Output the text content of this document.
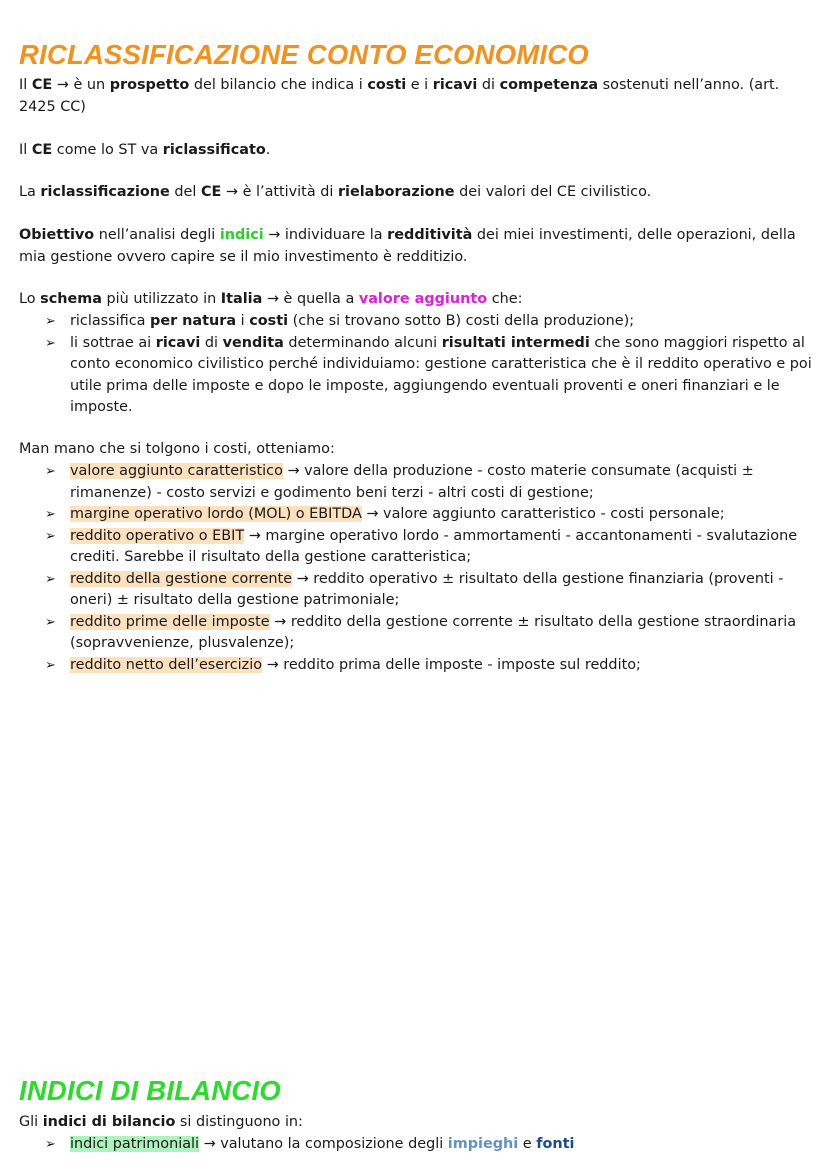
RICLASSIFICAZIONE CONTO ECONOMICO

Il CE → è un prospetto del bilancio che indica i costi e i ricavi di competenza sostenuti nell’anno. (art. 2425 CC)

Il CE come lo ST va riclassificato.

La riclassificazione del CE → è l’attività di rielaborazione dei valori del CE civilistico.

Obiettivo nell’analisi degli indici → individuare la redditività dei miei investimenti, delle operazioni, della mia gestione ovvero capire se il mio investimento è redditizio.

Lo schema più utilizzato in Italia → è quella a valore aggiunto che:

➢ riclassifica per natura i costi (che si trovano sotto B) costi della produzione);
➢ li sottrae ai ricavi di vendita determinando alcuni risultati intermedi che sono maggiori rispetto al conto economico civilistico perché individuiamo: gestione caratteristica che è il reddito operativo e poi utile prima delle imposte e dopo le imposte, aggiungendo eventuali proventi e oneri finanziari e le imposte.

Man mano che si tolgono i costi, otteniamo:

➢ valore aggiunto caratteristico → valore della produzione - costo materie consumate (acquisti ± rimanenze) - costo servizi e godimento beni terzi - altri costi di gestione;
➢ margine operativo lordo (MOL) o EBITDA → valore aggiunto caratteristico - costi personale;
➢ reddito operativo o EBIT → margine operativo lordo - ammortamenti - accantonamenti - svalutazione crediti. Sarebbe il risultato della gestione caratteristica;
➢ reddito della gestione corrente → reddito operativo ± risultato della gestione finanziaria (proventi - oneri) ± risultato della gestione patrimoniale;
➢ reddito prime delle imposte → reddito della gestione corrente ± risultato della gestione straordinaria (sopravvenienze, plusvalenze);
➢ reddito netto dell’esercizio → reddito prima delle imposte - imposte sul reddito;
INDICI DI BILANCIO

Gli indici di bilancio si distinguono in:

➢ indici patrimoniali → valutano la composizione degli impieghi e fonti
